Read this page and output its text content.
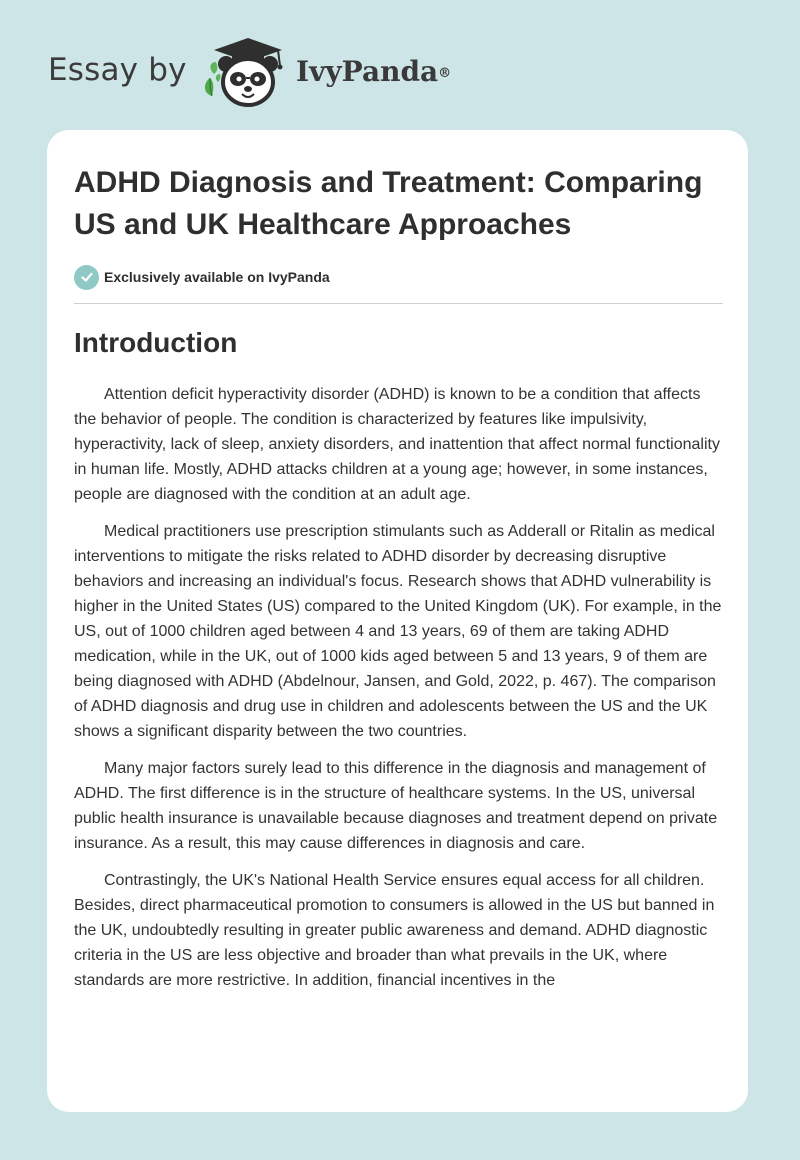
Essay by	IvyPanda®
ADHD Diagnosis and Treatment: Comparing US and UK Healthcare Approaches
Exclusively available on IvyPanda
Introduction

Attention deficit hyperactivity disorder (ADHD) is known to be a condition that affects the behavior of people. The condition is characterized by features like impulsivity, hyperactivity, lack of sleep, anxiety disorders, and inattention that affect normal functionality in human life. Mostly, ADHD attacks children at a young age; however, in some instances, people are diagnosed with the condition at an adult age.

Medical practitioners use prescription stimulants such as Adderall or Ritalin as medical interventions to mitigate the risks related to ADHD disorder by decreasing disruptive behaviors and increasing an individual's focus. Research shows that ADHD vulnerability is higher in the United States (US) compared to the United Kingdom (UK). For example, in the US, out of 1000 children aged between 4 and 13 years, 69 of them are taking ADHD medication, while in the UK, out of 1000 kids aged between 5 and 13 years, 9 of them are being diagnosed with ADHD (Abdelnour, Jansen, and Gold, 2022, p. 467). The comparison of ADHD diagnosis and drug use in children and adolescents between the US and the UK shows a significant disparity between the two countries.

Many major factors surely lead to this difference in the diagnosis and management of ADHD. The first difference is in the structure of healthcare systems. In the US, universal public health insurance is unavailable because diagnoses and treatment depend on private insurance. As a result, this may cause differences in diagnosis and care.

Contrastingly, the UK's National Health Service ensures equal access for all children. Besides, direct pharmaceutical promotion to consumers is allowed in the US but banned in the UK, undoubtedly resulting in greater public awareness and demand. ADHD diagnostic criteria in the US are less objective and broader than what prevails in the UK, where standards are more restrictive. In addition, financial incentives in the
